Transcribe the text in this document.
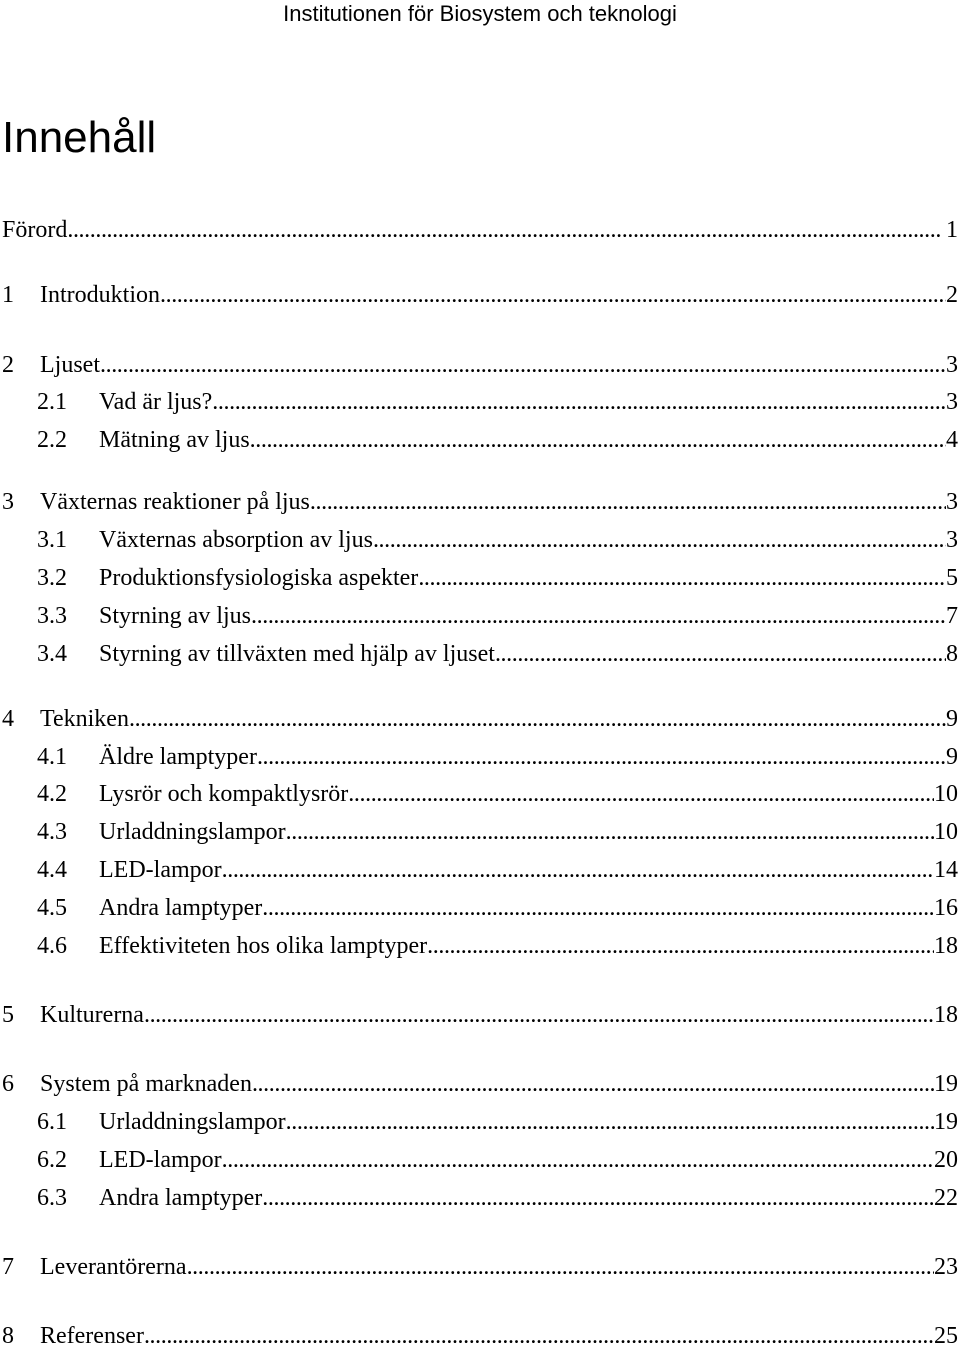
Institutionen för Biosystem och teknologi
Innehåll
Förord . . .	1
1	Introduktion . . .	2
2	Ljuset . . .	3
2.1	Vad är ljus? . . .	3
2.2	Mätning av ljus . . .	4
3	Växternas reaktioner på ljus . . .	3
3.1	Växternas absorption av ljus . . .	3
3.2	Produktionsfysiologiska aspekter . . .	5
3.3	Styrning av ljus . . .	7
3.4	Styrning av tillväxten med hjälp av ljuset . . .	8
4	Tekniken . . .	9
4.1	Äldre lamptyper . . .	9
4.2	Lysrör och kompaktlysrör . . .	10
4.3	Urladdningslampor . . .	10
4.4	LED-lampor . . .	14
4.5	Andra lamptyper . . .	16
4.6	Effektiviteten hos olika lamptyper . . .	18
5	Kulturerna . . .	18
6	System på marknaden . . .	19
6.1	Urladdningslampor . . .	19
6.2	LED-lampor . . .	20
6.3	Andra lamptyper . . .	22
7	Leverantörerna . . .	23
8	Referenser . . .	25
